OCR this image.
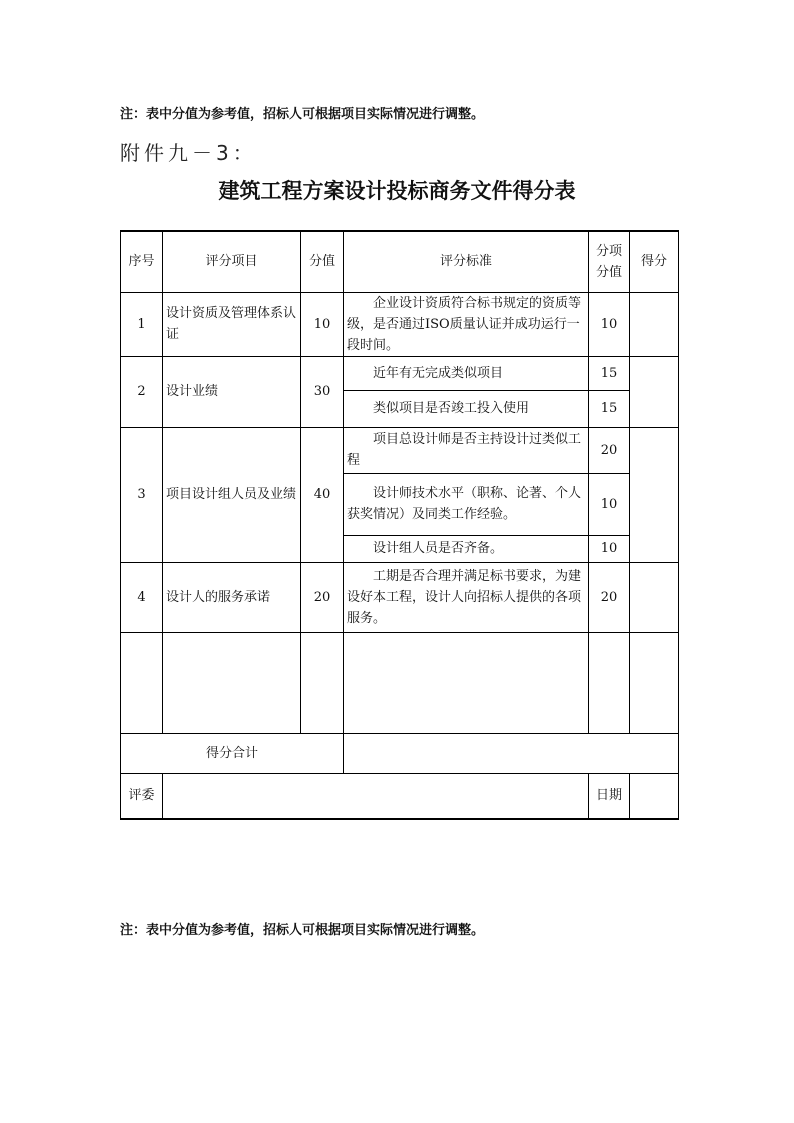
注：表中分值为参考值，招标人可根据项目实际情况进行调整。
附件九－3：
建筑工程方案设计投标商务文件得分表
序号	评分项目	分值	评分标准	分项分值	得分
1	设计资质及管理体系认证	10	企业设计资质符合标书规定的资质等级，是否通过ISO质量认证并成功运行一段时间。	10	
2	设计业绩	30	近年有无完成类似项目	15	
			类似项目是否竣工投入使用	15	
3	项目设计组人员及业绩	40	项目总设计师是否主持设计过类似工程	20	
			设计师技术水平（职称、论著、个人获奖情况）及同类工作经验。	10	
			设计组人员是否齐备。	10	
4	设计人的服务承诺	20	工期是否合理并满足标书要求，为建设好本工程，设计人向招标人提供的各项服务。	20	

得分合计					
评委				日期	
注：表中分值为参考值，招标人可根据项目实际情况进行调整。
